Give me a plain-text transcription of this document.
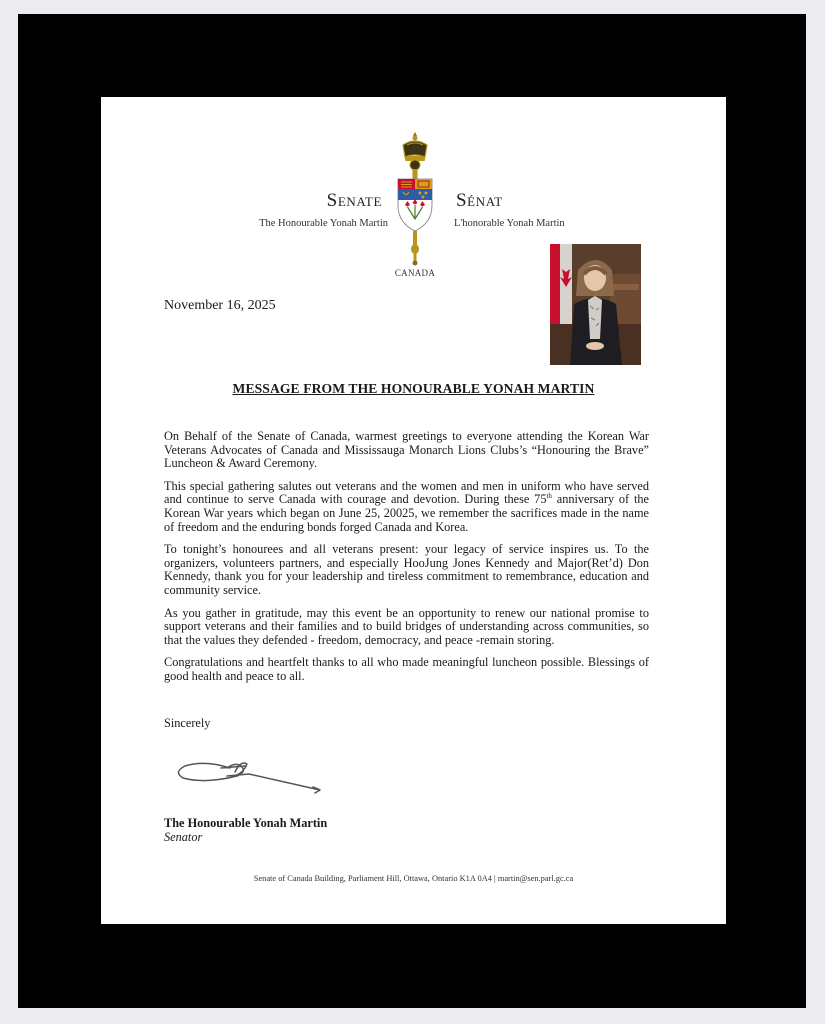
Senate
The Honourable Yonah Martin
Sénat
L'honorable Yonah Martin
CANADA
November 16, 2025
MESSAGE FROM THE HONOURABLE YONAH MARTIN

On Behalf of the Senate of Canada, warmest greetings to everyone attending the Korean War Veterans Advocates of Canada and Mississauga Monarch Lions Clubs’s “Honouring the Brave” Luncheon & Award Ceremony.

This special gathering salutes out veterans and the women and men in uniform who have served and continue to serve Canada with courage and devotion. During these 75th anniversary of the Korean War years which began on June 25, 20025, we remember the sacrifices made in the name of freedom and the enduring bonds forged Canada and Korea.

To tonight’s honourees and all veterans present: your legacy of service inspires us. To the organizers, volunteers partners, and especially HooJung Jones Kennedy and Major(Ret’d) Don Kennedy, thank you for your leadership and tireless commitment to remembrance, education and community service.

As you gather in gratitude, may this event be an opportunity to renew our national promise to support veterans and their families and to build bridges of understanding across communities, so that the values they defended - freedom, democracy, and peace -remain storing.

Congratulations and heartfelt thanks to all who made meaningful luncheon possible. Blessings of good health and peace to all.

Sincerely
The Honourable Yonah Martin
Senator
Senate of Canada Building, Parliament Hill, Ottawa, Ontario K1A 0A4 | martin@sen.parl.gc.ca
